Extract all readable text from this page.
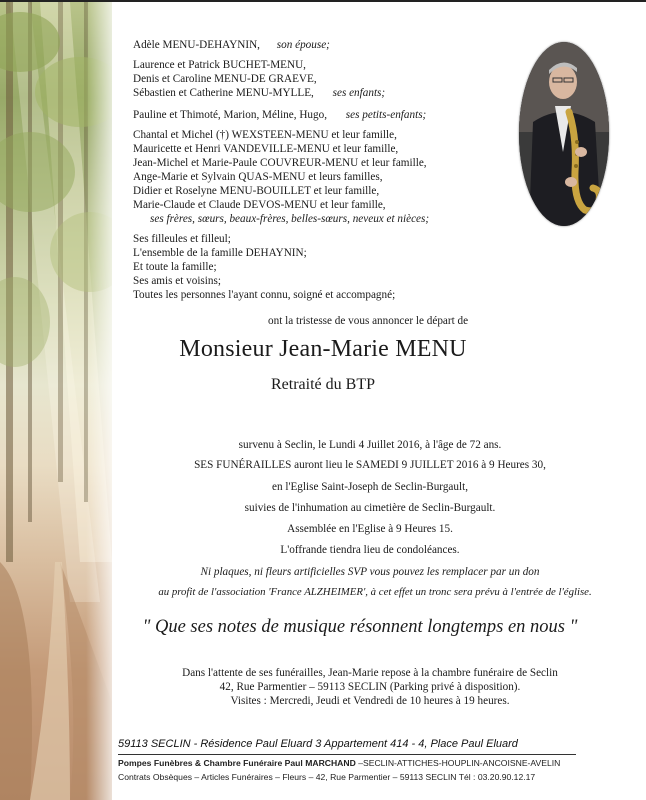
Adèle MENU-DEHAYNIN, son épouse;
Laurence et Patrick BUCHET-MENU,
Denis et Caroline MENU-DE GRAEVE,
Sébastien et Catherine MENU-MYLLE, ses enfants;
Pauline et Thimoté, Marion, Méline, Hugo, ses petits-enfants;
Chantal et Michel (†) WEXSTEEN-MENU et leur famille,
Mauricette et Henri VANDEVILLE-MENU et leur famille,
Jean-Michel et Marie-Paule COUVREUR-MENU et leur famille,
Ange-Marie et Sylvain QUAS-MENU et leurs familles,
Didier et Roselyne MENU-BOUILLET et leur famille,
Marie-Claude et Claude DEVOS-MENU et leur famille,
ses frères, sœurs, beaux-frères, belles-sœurs, neveux et nièces;
Ses filleules et filleul;
L'ensemble de la famille DEHAYNIN;
Et toute la famille;
Ses amis et voisins;
Toutes les personnes l'ayant connu, soigné et accompagné;
ont la tristesse de vous annoncer le départ de
Monsieur Jean-Marie MENU
Retraité du BTP
survenu à Seclin, le Lundi 4 Juillet 2016, à l'âge de 72 ans.
SES FUNÉRAILLES auront lieu le SAMEDI 9 JUILLET 2016 à 9 Heures 30,
en l'Eglise Saint-Joseph de Seclin-Burgault,
suivies de l'inhumation au cimetière de Seclin-Burgault.
Assemblée en l'Eglise à 9 Heures 15.
L'offrande tiendra lieu de condoléances.
Ni plaques, ni fleurs artificielles SVP vous pouvez les remplacer par un don
au profit de l'association 'France ALZHEIMER', à cet effet un tronc sera prévu à l'entrée de l'église.
" Que ses notes de musique résonnent longtemps en nous "
Dans l'attente de ses funérailles, Jean-Marie repose à la chambre funéraire de Seclin
42, Rue Parmentier – 59113 SECLIN (Parking privé à disposition).
Visites : Mercredi, Jeudi et Vendredi de 10 heures à 19 heures.
59113 SECLIN - Résidence Paul Eluard 3 Appartement 414 - 4, Place Paul Eluard
Pompes Funèbres & Chambre Funéraire Paul MARCHAND –SECLIN-ATTICHES-HOUPLIN-ANCOISNE-AVELIN
Contrats Obsèques – Articles Funéraires – Fleurs – 42, Rue Parmentier – 59113 SECLIN Tél : 03.20.90.12.17
